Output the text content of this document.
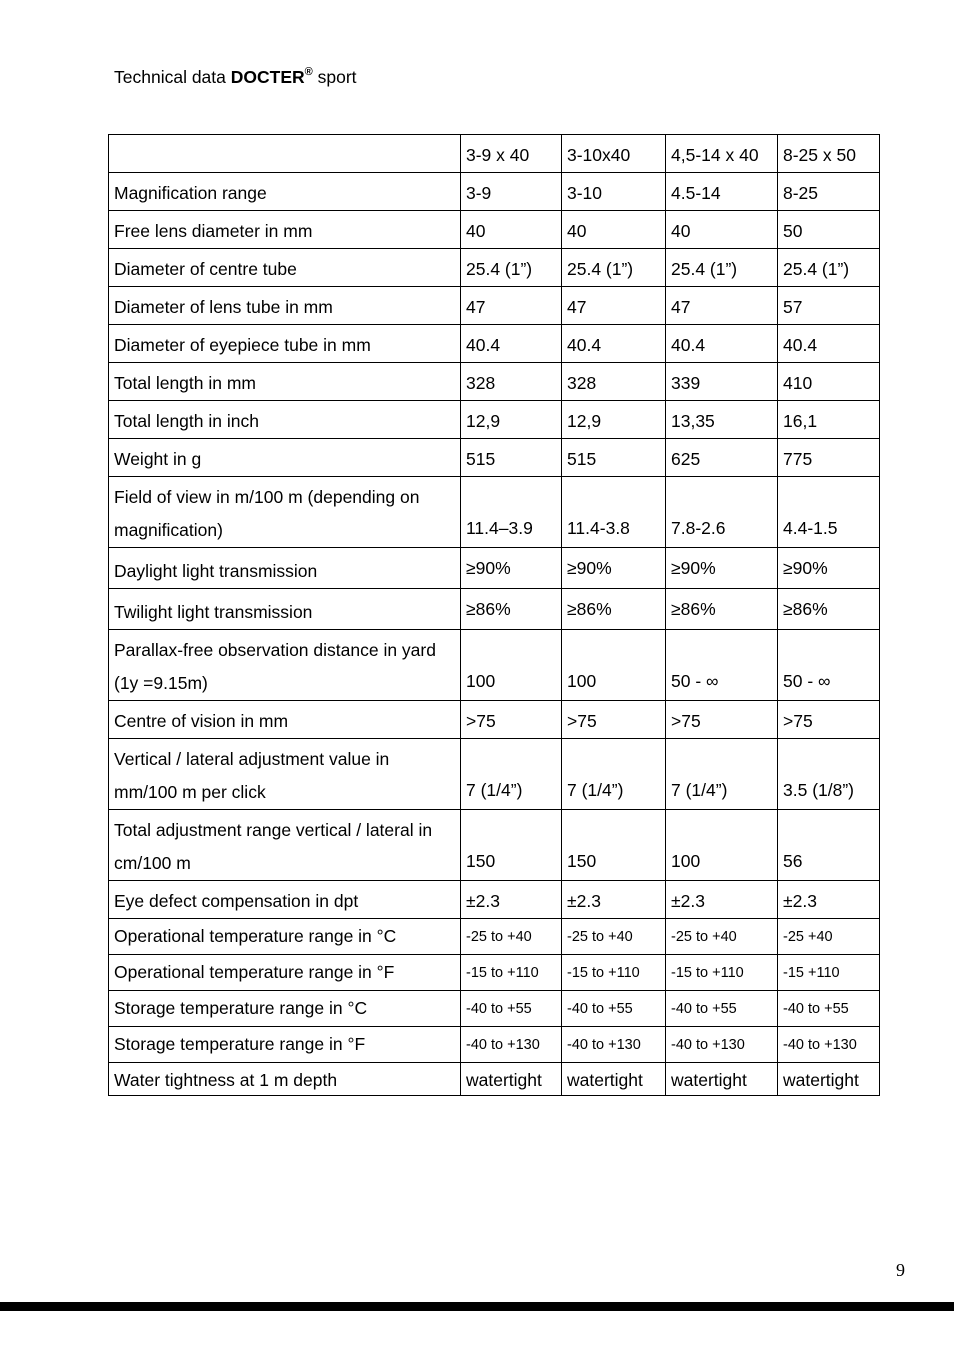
Technical data DOCTER® sport
	3-9 x 40	3-10x40	4,5-14 x 40	8-25 x 50
Magnification range	3-9	3-10	4.5-14	8-25
Free lens diameter in mm	40	40	40	50
Diameter of centre tube	25.4 (1”)	25.4 (1”)	25.4 (1”)	25.4 (1”)
Diameter of lens tube in mm	47	47	47	57
Diameter of eyepiece tube in mm	40.4	40.4	40.4	40.4
Total length in mm	328	328	339	410
Total length in inch	12,9	12,9	13,35	16,1
Weight in g	515	515	625	775
Field of view in m/100 m (depending on magnification)	11.4–3.9	11.4-3.8	7.8-2.6	4.4-1.5
Daylight light transmission	≥90%	≥90%	≥90%	≥90%
Twilight light transmission	≥86%	≥86%	≥86%	≥86%
Parallax-free observation distance in yard (1y =9.15m)	100	100	50 - ∞	50 - ∞
Centre of vision in mm	>75	>75	>75	>75
Vertical / lateral adjustment value in mm/100 m per click	7 (1/4”)	7 (1/4”)	7 (1/4”)	3.5 (1/8”)
Total adjustment range vertical / lateral in cm/100 m	150	150	100	56
Eye defect compensation in dpt	±2.3	±2.3	±2.3	±2.3
Operational temperature range in °C	-25 to +40	-25 to +40	-25 to +40	-25 +40
Operational temperature range in °F	-15 to +110	-15 to +110	-15 to +110	-15 +110
Storage temperature range in °C	-40 to +55	-40 to +55	-40 to +55	-40 to +55
Storage temperature range in °F	-40 to +130	-40 to +130	-40 to +130	-40 to +130
Water tightness at 1 m depth	watertight	watertight	watertight	watertight
9
